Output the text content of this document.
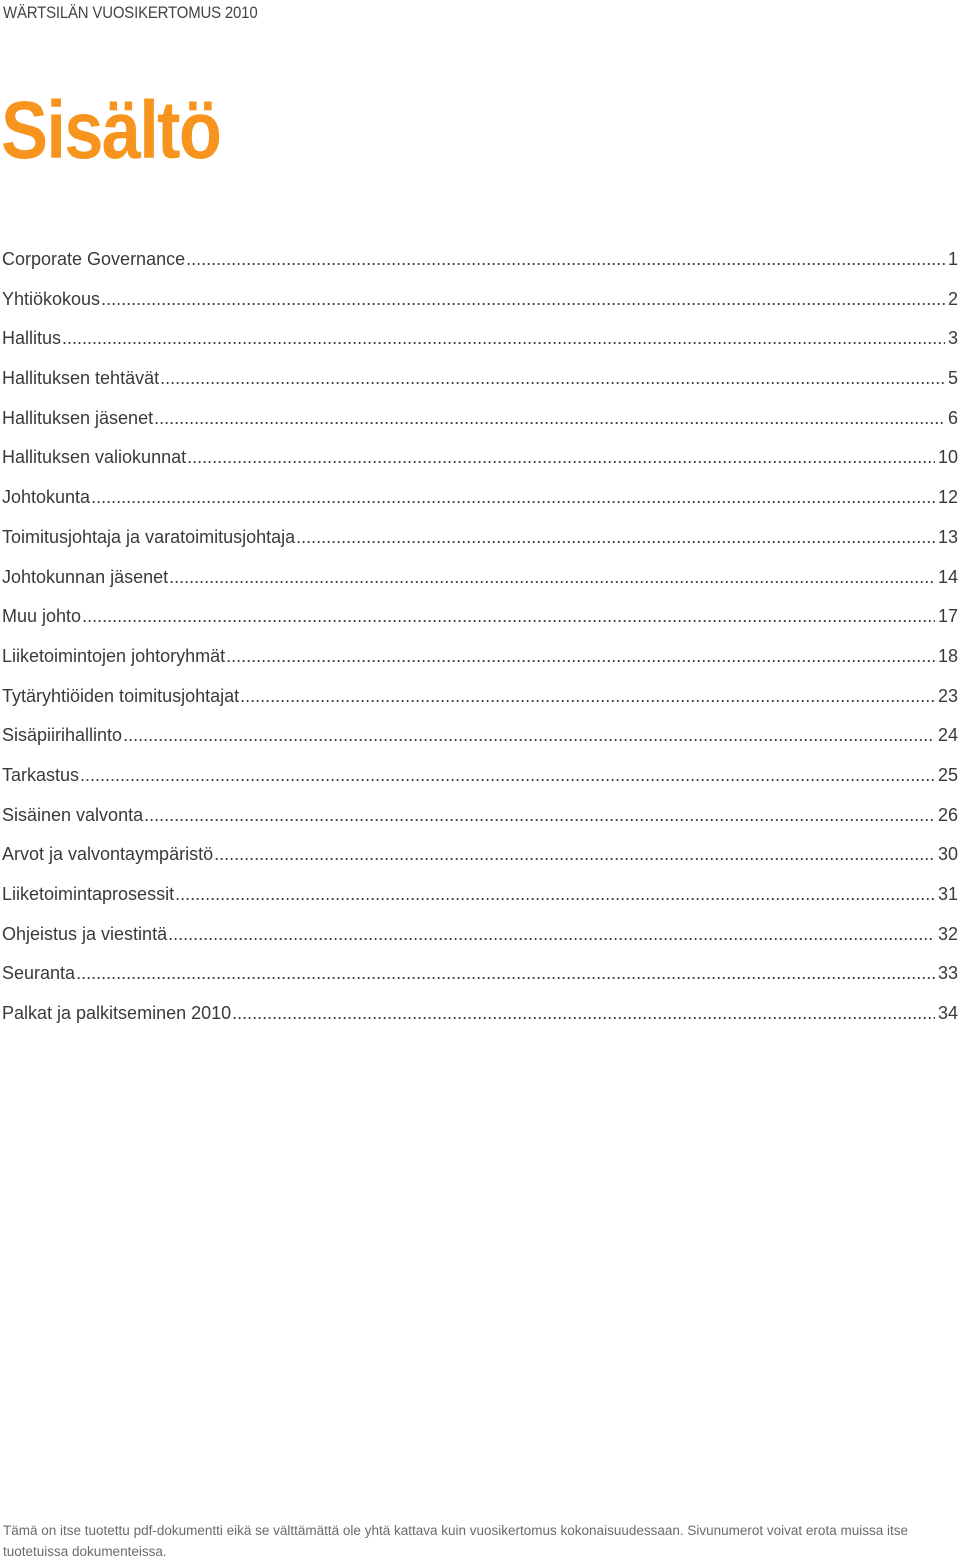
WÄRTSILÄN VUOSIKERTOMUS 2010
Sisältö
Corporate Governance .....	1
Yhtiökokous .....	2
Hallitus .....	3
Hallituksen tehtävät .....	5
Hallituksen jäsenet .....	6
Hallituksen valiokunnat .....	10
Johtokunta .....	12
Toimitusjohtaja ja varatoimitusjohtaja .....	13
Johtokunnan jäsenet .....	14
Muu johto .....	17
Liiketoimintojen johtoryhmät .....	18
Tytäryhtiöiden toimitusjohtajat .....	23
Sisäpiirihallinto .....	24
Tarkastus .....	25
Sisäinen valvonta .....	26
Arvot ja valvontaympäristö .....	30
Liiketoimintaprosessit .....	31
Ohjeistus ja viestintä .....	32
Seuranta .....	33
Palkat ja palkitseminen 2010 .....	34

Tämä on itse tuotettu pdf-dokumentti eikä se välttämättä ole yhtä kattava kuin vuosikertomus kokonaisuudessaan. Sivunumerot voivat erota muissa itse tuotetuissa dokumenteissa.
